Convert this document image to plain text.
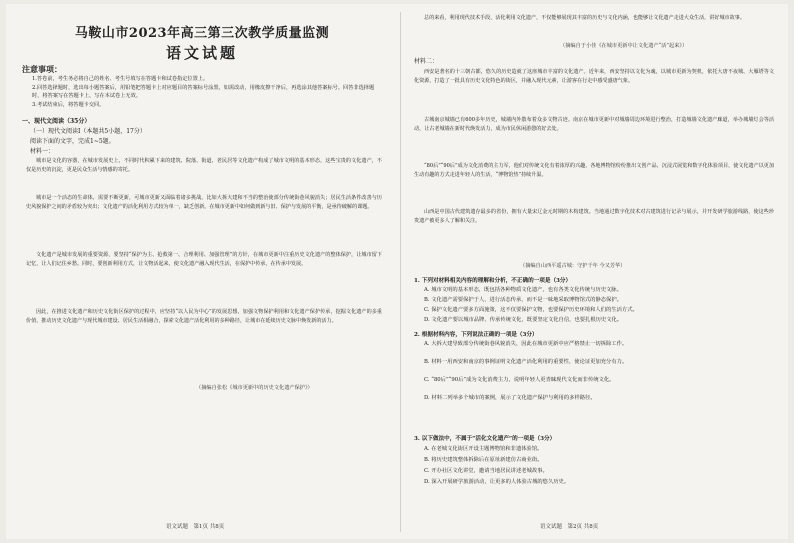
马鞍山市2023年高三第三次教学质量监测
语文试题
注意事项：
1.答卷前，考生务必将自己的姓名、考生号填写在答题卡和试卷指定位置上。
2.回答选择题时，选出每小题答案后，用铅笔把答题卡上对应题目的答案标号涂黑，如需改动，用橡皮擦干净后，再选涂其他答案标号。回答非选择题时，将答案写在答题卡上，写在本试卷上无效。
3.考试结束后，将答题卡交回。
一、现代文阅读（35分）
（一）现代文阅读Ⅰ（本题共5小题，17分）
阅读下面的文字，完成1~5题。
材料一：
城市是文化的容器，在城市发展史上，不同时代积累下来的建筑、院落、街道、老民居等文化遗产构成了城市文明的基本形态，这些宝贵的文化遗产，不仅是历史的沉淀，更是民众生活与情感的寄托。
城市是一个活态的生命体，需要不断更新，可城市更新又面临着诸多挑战。比如大拆大建和不当的整治使部分传统街巷风貌消失；居民生活条件改善与历史风貌保护之间的矛盾较为突出；文化遗产的活化利用方式较为单一，缺乏创新。在城市更新中如何做到新与旧、保护与发展的平衡，是亟待破解的课题。
文化遗产是城市发展的重要资源，要坚持“保护为主、抢救第一、合理利用、加强管理”的方针，在城市更新中注重历史文化遗产的整体保护，让城市留下记忆，让人们记住乡愁。同时，要创新利用方式，让文物活起来，使文化遗产融入现代生活，在保护中传承，在传承中发展。
因此，在推进文化遗产和历史文化街区保护的过程中，应坚持“以人民为中心”的发展思想，加强文物保护利用和文化遗产保护传承，挖掘文化遗产的多重价值，推动历史文化遗产与现代城市建设、居民生活相融合，探索文化遗产活化利用的多种路径，让城市在延续历史文脉中焕发新的活力。
（摘编自张松《城市更新中的历史文化遗产保护》）
语文试题　第1页 共8页
总的来看，利用现代技术手段，活化利用文化遗产，不仅能够展现其丰富的历史与文化内涵，也能够让文化遗产走进大众生活，讲好城市故事。
（摘编自于小佳《在城市更新中让文化遗产“活”起来》）
材料二：
西安是著名的十三朝古都，悠久的历史造就了这座城市丰富的文化遗产。近年来，西安坚持以文化为魂，以城市更新为契机，依托大唐不夜城、大雁塔等文化资源，打造了一批具有历史文化特色的街区，并融入现代元素，让游客在行走中感受盛唐气象。
古城南京城墙已有600多年历史，城墙内外散布着众多文物古迹。南京在城市更新中对城墙周边环境进行整治，打造城墙文化遗产廊道，举办城墙灯会等活动，让古老城墙在新时代焕发活力，成为市民休闲游憩的好去处。
“80后”“90后”成为文化消费的主力军，他们对传统文化有着浓厚的兴趣。各地博物馆纷纷推出文创产品、沉浸式展览和数字化体验项目，使文化遗产以更加生动有趣的方式走进年轻人的生活，“博物馆热”持续升温。
山西是中国古代建筑遗存最多的省份，拥有大量宋辽金元时期的木构建筑。当地通过数字化技术对古建筑进行记录与展示，并开发研学旅游线路，使这些珍贵遗产被更多人了解和关注。
（摘编自山西平遥古城：守护千年 今又芳华）
1. 下列对材料相关内容的理解和分析，不正确的一项是（3分）
A. 城市文明的基本形态，既包括各种物质文化遗产，也有各类文化传统与历史文脉。
B. 文化遗产需要保护于人，进行活态传承，而不是一味地采取博物馆式的静态保护。
C. 保护文化遗产要多方面施策，这不仅要保护文物，也要保护历史环境和人们的生活方式。
D. 文化遗产要以城市品牌、传承传统文化，既要坚定文化自信，也要扎根历史文化。
2. 根据材料内容，下列说法正确的一项是（3分）
A. 大拆大建导致部分传统街巷风貌消失，因此在城市更新中应严格禁止一切拆除工作。
B. 材料一用西安和南京的事例证明文化遗产活化利用的重要性，使论证更加充分有力。
C. “80后”“90后”成为文化消费主力，说明年轻人更青睐现代文化而非传统文化。
D. 材料二列举多个城市的案例，展示了文化遗产保护与利用的多样路径。
3. 以下做法中，不属于“活化文化遗产”的一项是（3分）
A. 在老城文化街区开设主题博物馆和非遗体验馆。
B. 将历史建筑整体拆除后在原址新建仿古商业街。
C. 开办社区文化讲堂，邀请当地居民讲述老城故事。
D. 深入开展研学旅游活动，让更多的人体验古城的悠久历史。
语文试题　第2页 共8页
